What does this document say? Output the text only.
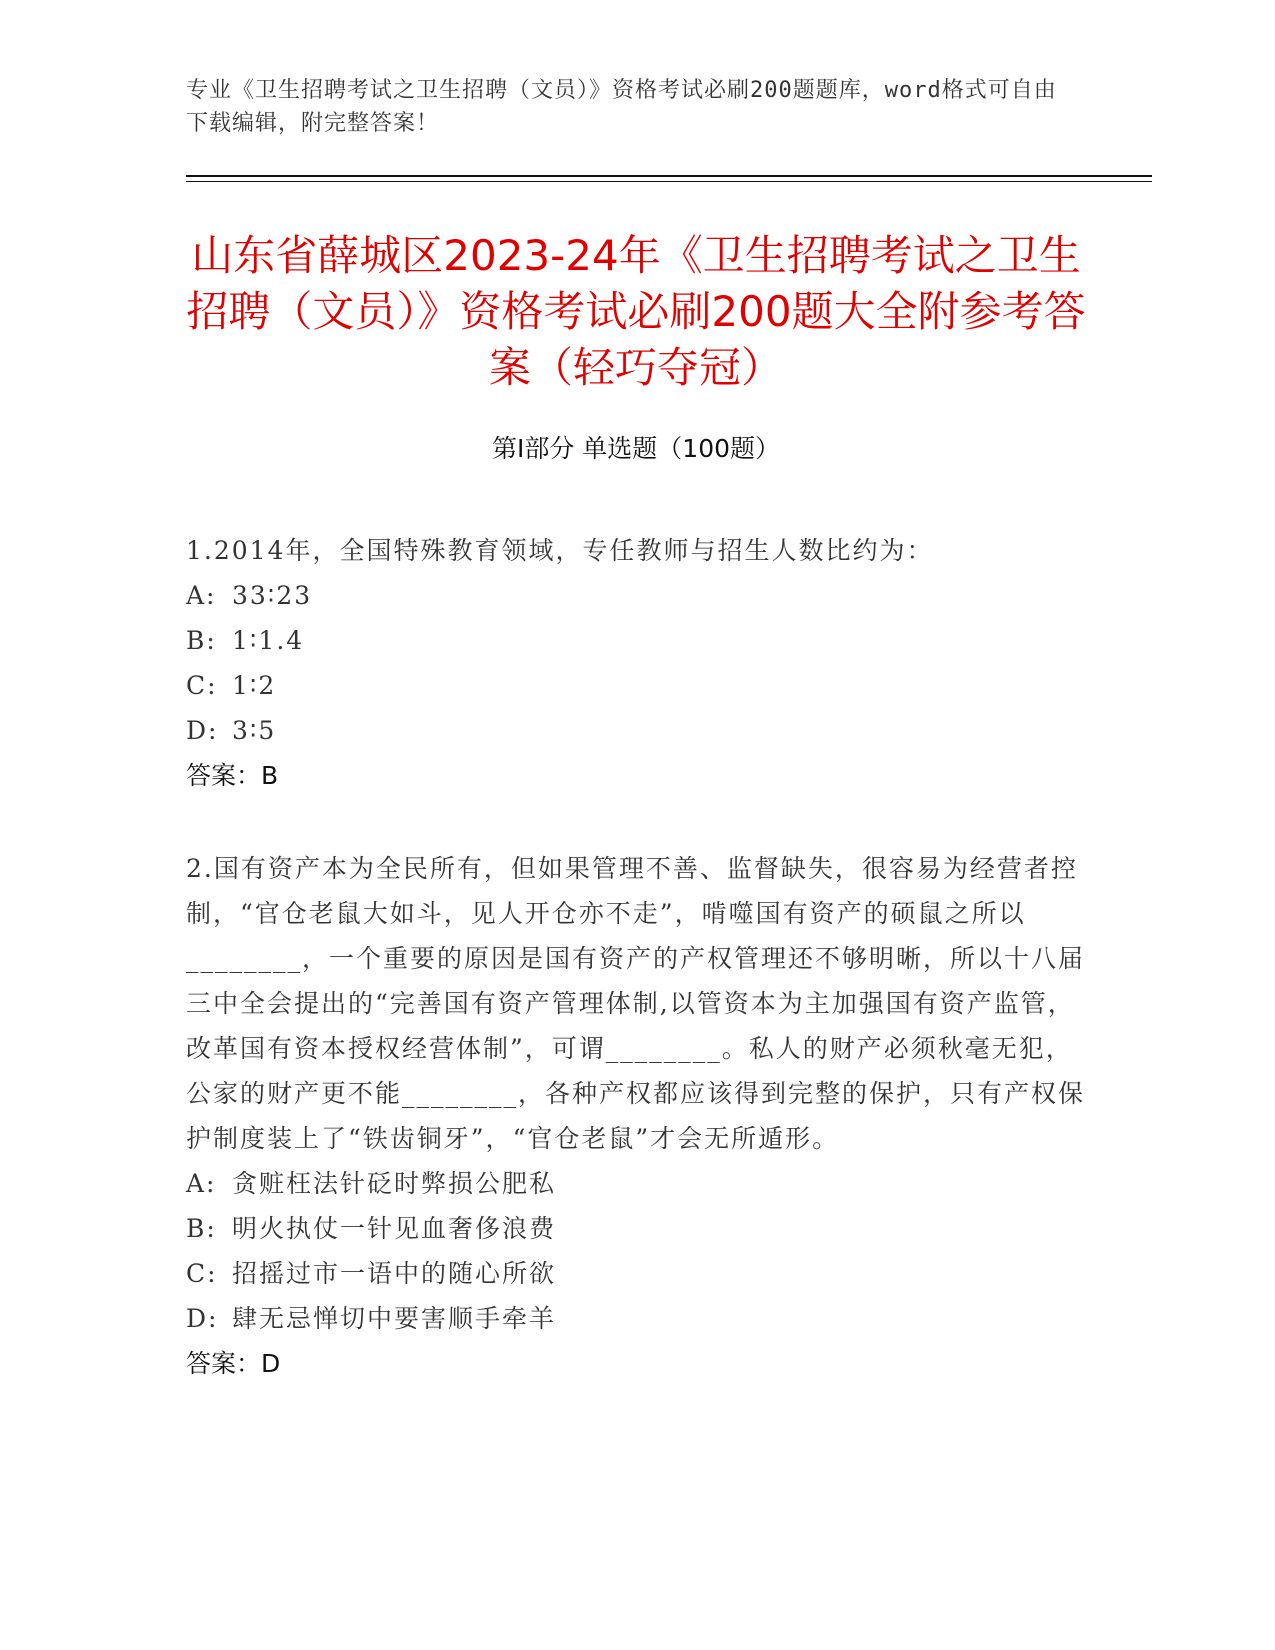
专业《卫生招聘考试之卫生招聘（文员）》资格考试必刷200题题库，word格式可自由下载编辑，附完整答案！
山东省薛城区2023-24年《卫生招聘考试之卫生招聘（文员）》资格考试必刷200题大全附参考答案（轻巧夺冠）
第Ⅰ部分 单选题（100题）

1.2014年，全国特殊教育领域，专任教师与招生人数比约为：

A: 33∶23
B: 1∶1.4
C: 1∶2
D: 3∶5
答案：B

2.国有资产本为全民所有，但如果管理不善、监督缺失，很容易为经营者控制，“官仓老鼠大如斗，见人开仓亦不走”，啃噬国有资产的硕鼠之所以________，一个重要的原因是国有资产的产权管理还不够明晰，所以十八届三中全会提出的“完善国有资产管理体制,以管资本为主加强国有资产监管，改革国有资本授权经营体制”，可谓________。私人的财产必须秋毫无犯，公家的财产更不能________，各种产权都应该得到完整的保护，只有产权保护制度装上了“铁齿铜牙”，“官仓老鼠”才会无所遁形。

A: 贪赃枉法针砭时弊损公肥私
B: 明火执仗一针见血奢侈浪费
C: 招摇过市一语中的随心所欲
D: 肆无忌惮切中要害顺手牵羊
答案：D
